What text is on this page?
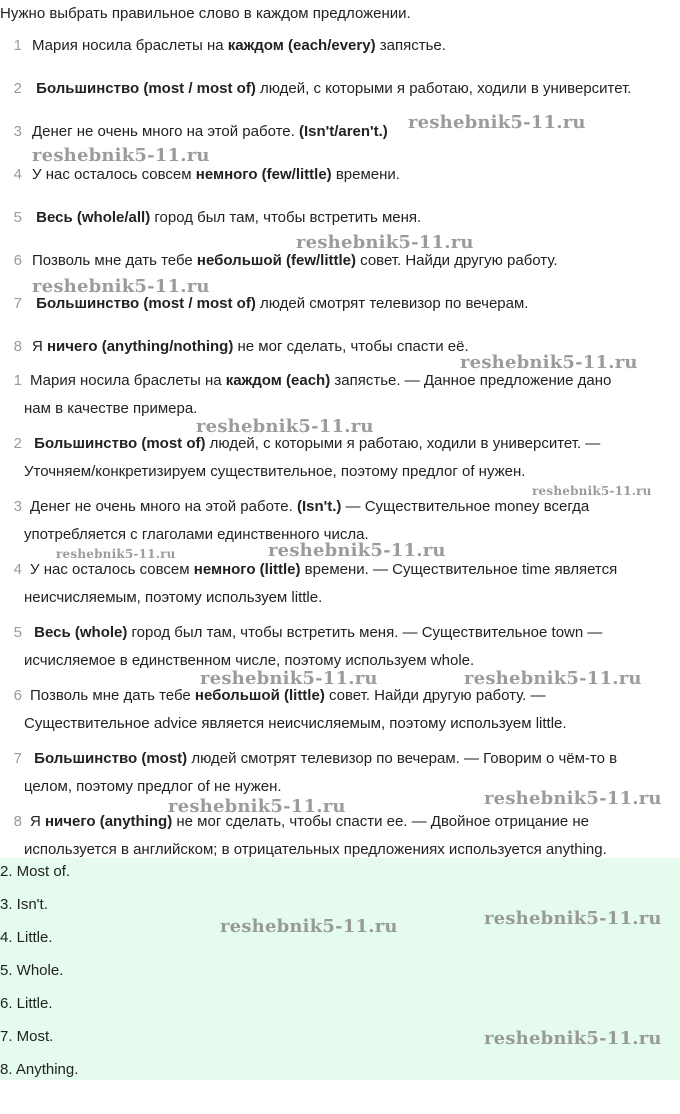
Нужно выбрать правильное слово в каждом предложении.
1 Мария носила браслеты на каждом (each/every) запястье.
2 Большинство (most / most of) людей, с которыми я работаю, ходили в университет.
3 Денег не очень много на этой работе. (Isn't/aren't.)
4 У нас осталось совсем немного (few/little) времени.
5 Весь (whole/all) город был там, чтобы встретить меня.
6 Позволь мне дать тебе небольшой (few/little) совет. Найди другую работу.
7 Большинство (most / most of) людей смотрят телевизор по вечерам.
8 Я ничего (anything/nothing) не мог сделать, чтобы спасти её.
1 Мария носила браслеты на каждом (each) запястье. — Данное предложение дано
нам в качестве примера.
2 Большинство (most of) людей, с которыми я работаю, ходили в университет. —
Уточняем/конкретизируем существительное, поэтому предлог of нужен.
3 Денег не очень много на этой работе. (Isn't.) — Существительное money всегда
употребляется с глаголами единственного числа.
4 У нас осталось совсем немного (little) времени. — Существительное time является
неисчисляемым, поэтому используем little.
5 Весь (whole) город был там, чтобы встретить меня. — Существительное town —
исчисляемое в единственном числе, поэтому используем whole.
6 Позволь мне дать тебе небольшой (little) совет. Найди другую работу. —
Существительное advice является неисчисляемым, поэтому используем little.
7 Большинство (most) людей смотрят телевизор по вечерам. — Говорим о чём-то в
целом, поэтому предлог of не нужен.
8 Я ничего (anything) не мог сделать, чтобы спасти ее. — Двойное отрицание не
используется в английском; в отрицательных предложениях используется anything.
2. Most of.
3. Isn't.
4. Little.
5. Whole.
6. Little.
7. Most.
8. Anything.
reshebnik5-11.ru
reshebnik5-11.ru
reshebnik5-11.ru
reshebnik5-11.ru
reshebnik5-11.ru
reshebnik5-11.ru
reshebnik5-11.ru
reshebnik5-11.ru	reshebnik5-11.ru
reshebnik5-11.ru	reshebnik5-11.ru
reshebnik5-11.ru
reshebnik5-11.ru
reshebnik5-11.ru	reshebnik5-11.ru
reshebnik5-11.ru
